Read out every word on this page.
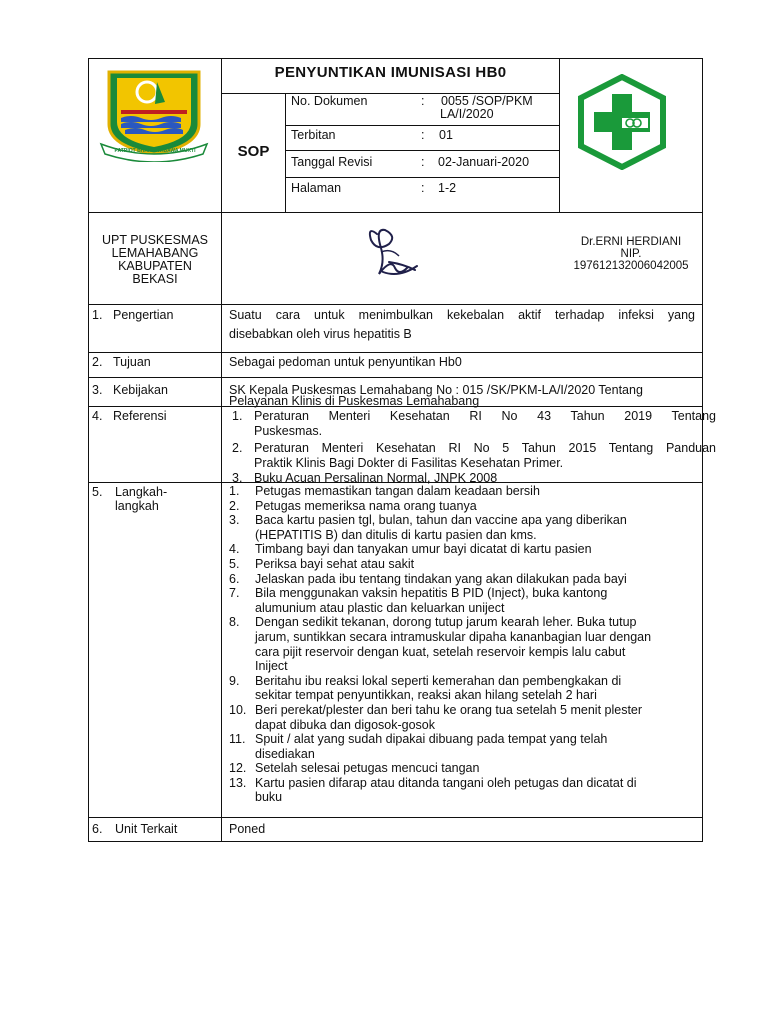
PATRIOT BHAKTI WIBAWA MUKTI
PENYUNTIKAN IMUNISASI HB0
SOP
No. Dokumen	: 0055 /SOP/PKM
LA/I/2020
Terbitan	: 01
Tanggal Revisi	: 02-Januari-2020
Halaman	: 1-2
UPT PUSKESMAS
LEMAHABANG
KABUPATEN
BEKASI
Dr.ERNI HERDIANI
NIP.
197612132006042005
1. Pengertian	Suatu cara untuk menimbulkan kekebalan aktif terhadap infeksi yang
disebabkan oleh virus hepatitis B
2. Tujuan	Sebagai pedoman untuk penyuntikan Hb0
3. Kebijakan	SK Kepala Puskesmas Lemahabang No : 015 /SK/PKM-LA/I/2020 Tentang
Pelayanan Klinis di Puskesmas Lemahabang
4. Referensi	Peraturan Menteri Kesehatan RI No 43 Tahun 2019 Tentang
Puskesmas.
Peraturan Menteri Kesehatan RI No 5 Tahun 2015 Tentang Panduan
Praktik Klinis Bagi Dokter di Fasilitas Kesehatan Primer.
Buku Acuan Persalinan Normal, JNPK 2008
5. Langkah-
langkah
Petugas memastikan tangan dalam keadaan bersih
Petugas memeriksa nama orang tuanya
Baca kartu pasien tgl, bulan, tahun dan vaccine apa yang diberikan
(HEPATITIS B) dan ditulis di kartu pasien dan kms.
Timbang bayi dan tanyakan umur bayi dicatat di kartu pasien
Periksa bayi sehat atau sakit
Jelaskan pada ibu tentang tindakan yang akan dilakukan pada bayi
Bila menggunakan vaksin hepatitis B PID (Inject), buka kantong
alumunium atau plastic dan keluarkan uniject
Dengan sedikit tekanan, dorong tutup jarum kearah leher. Buka tutup
jarum, suntikkan secara intramuskular dipaha kananbagian luar dengan
cara pijit reservoir dengan kuat, setelah reservoir kempis lalu cabut
Iniject
Beritahu ibu reaksi lokal seperti kemerahan dan pembengkakan di
sekitar tempat penyuntikkan, reaksi akan hilang setelah 2 hari
Beri perekat/plester dan beri tahu ke orang tua setelah 5 menit plester
dapat dibuka dan digosok-gosok
Spuit / alat yang sudah dipakai dibuang pada tempat yang telah
disediakan
Setelah selesai petugas mencuci tangan
Kartu pasien difarap atau ditanda tangani oleh petugas dan dicatat di
buku
6. Unit Terkait	Poned
